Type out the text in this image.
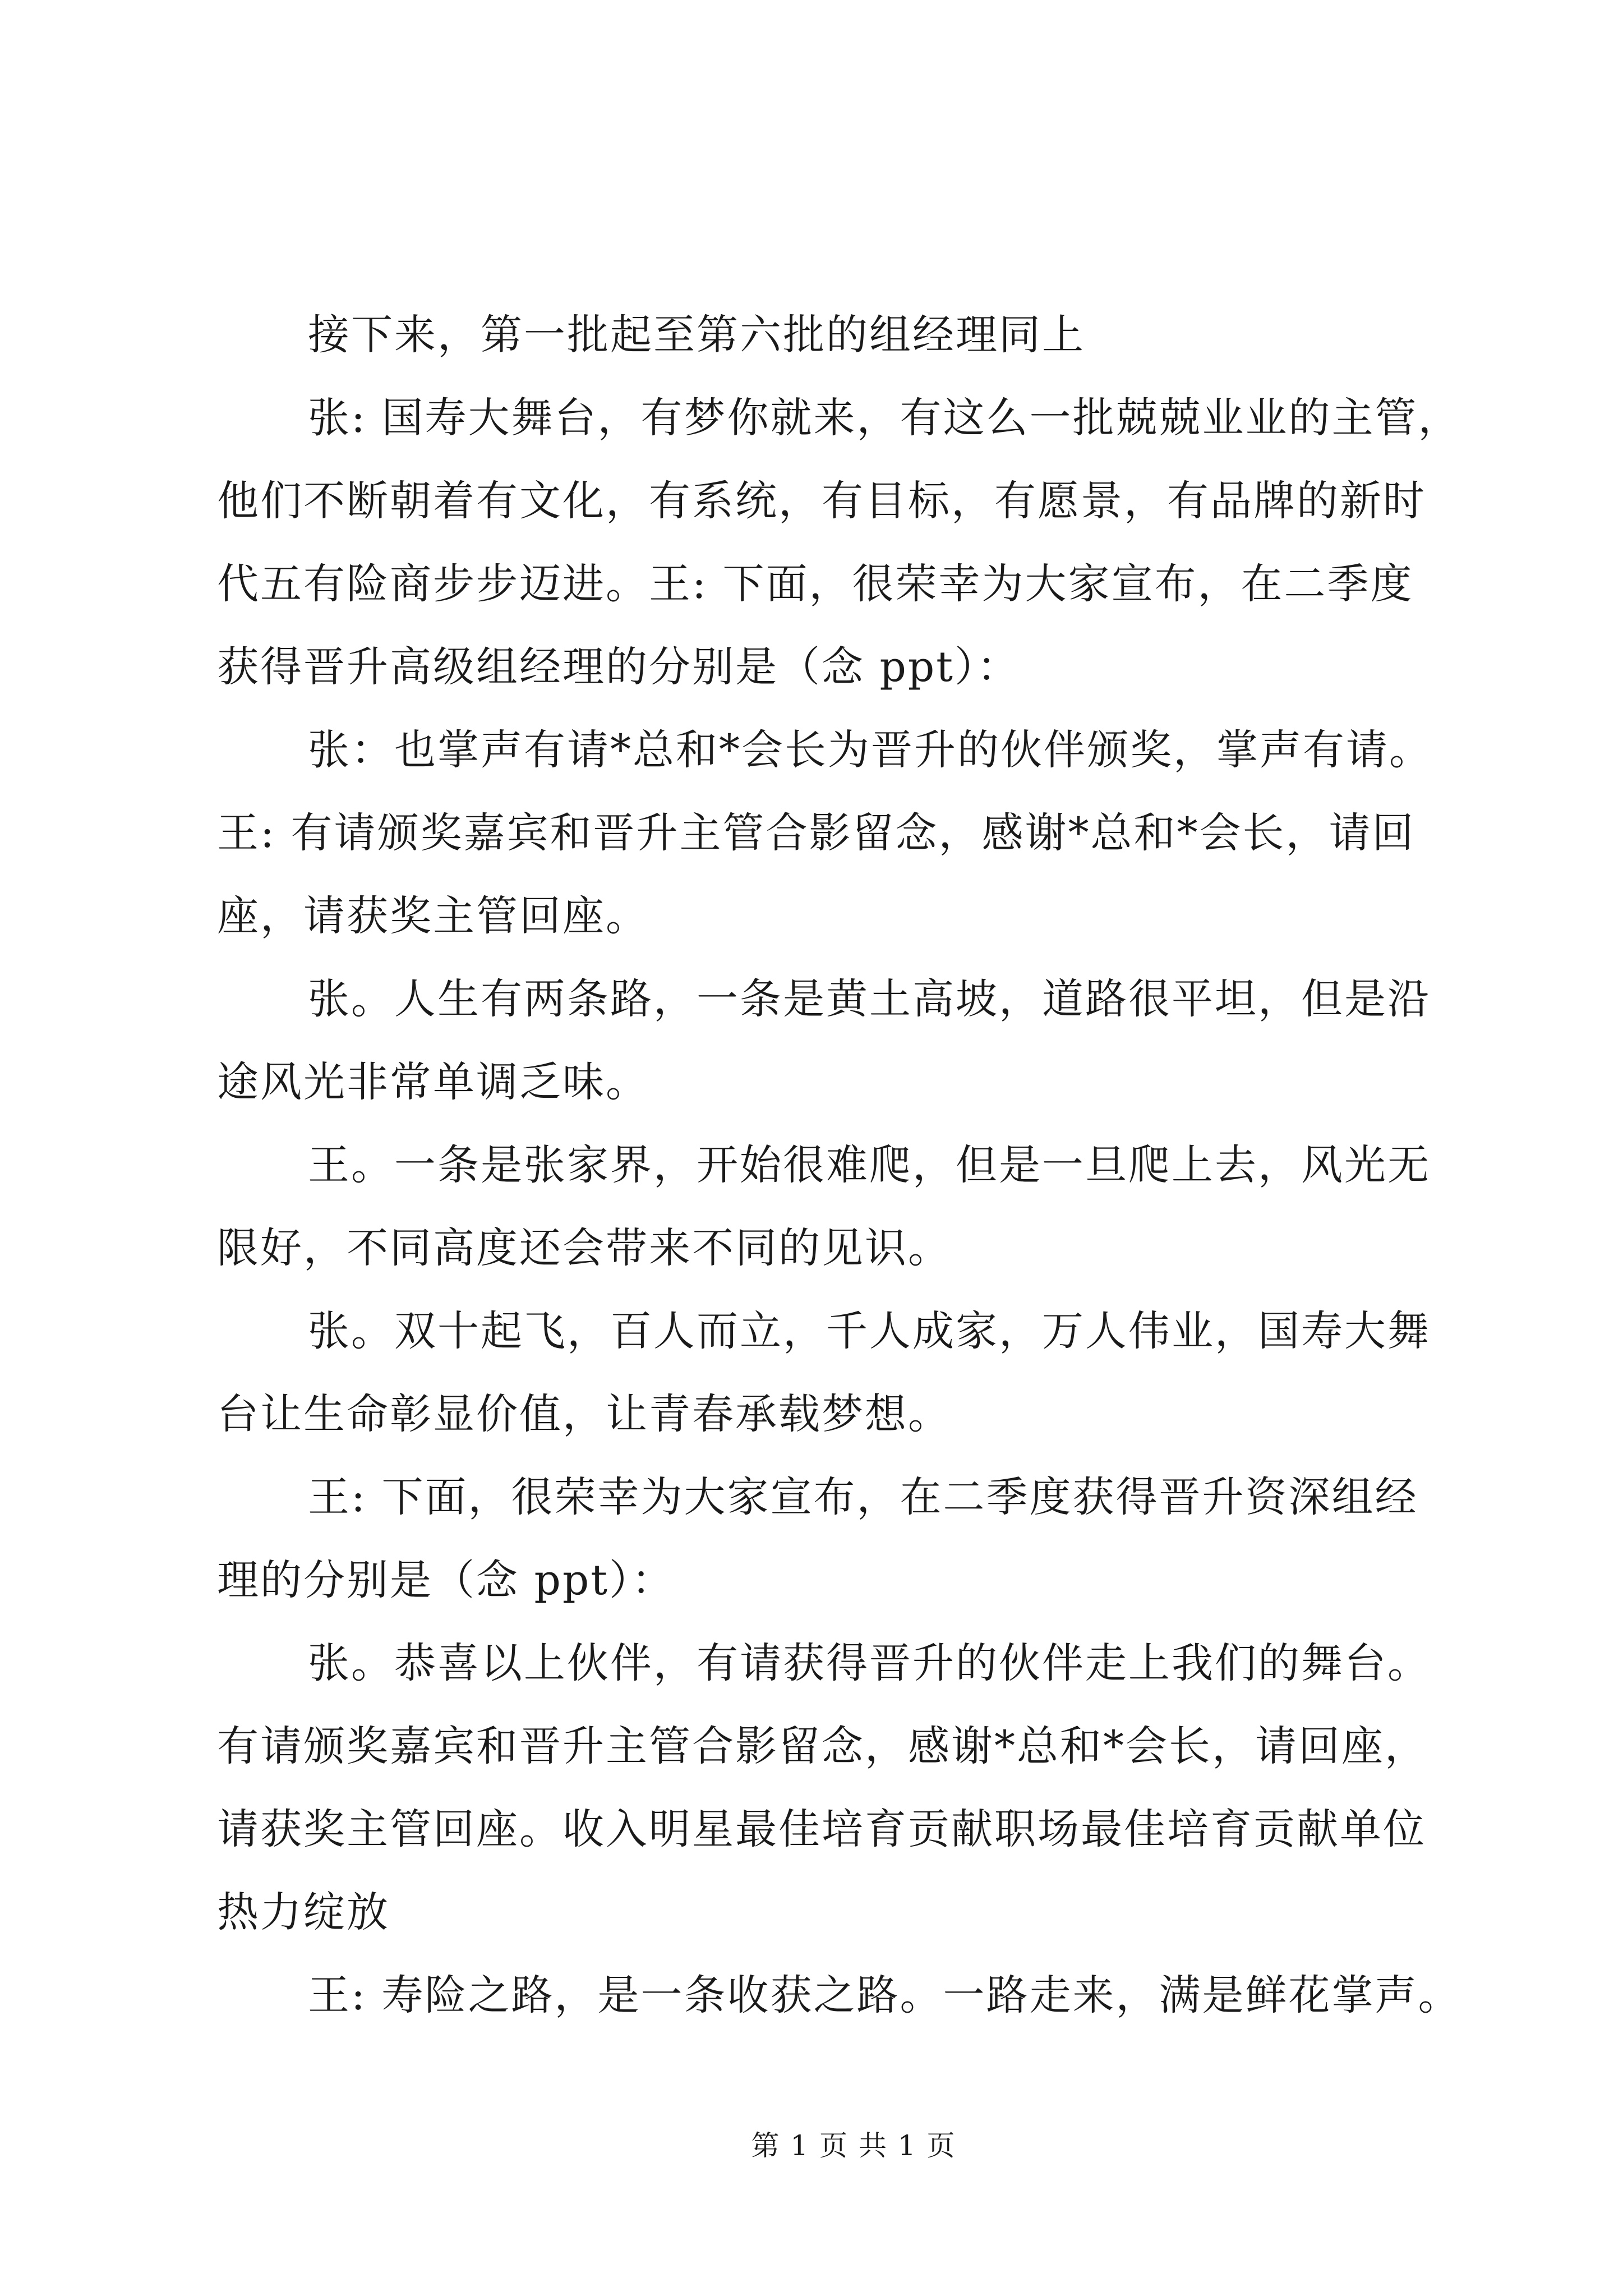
接下来，第一批起至第六批的组经理同上
张: 国寿大舞台，有梦你就来，有这么一批兢兢业业的主管，
他们不断朝着有文化，有系统，有目标，有愿景，有品牌的新时
代五有险商步步迈进。王: 下面，很荣幸为大家宣布，在二季度
获得晋升高级组经理的分别是（念 ppt）：
张：也掌声有请*总和*会长为晋升的伙伴颁奖，掌声有请。
王: 有请颁奖嘉宾和晋升主管合影留念，感谢*总和*会长，请回
座，请获奖主管回座。
张。人生有两条路，一条是黄土高坡，道路很平坦，但是沿
途风光非常单调乏味。
王。一条是张家界，开始很难爬，但是一旦爬上去，风光无
限好，不同高度还会带来不同的见识。
张。双十起飞，百人而立，千人成家，万人伟业，国寿大舞
台让生命彰显价值，让青春承载梦想。
王: 下面，很荣幸为大家宣布，在二季度获得晋升资深组经
理的分别是（念 ppt）：
张。恭喜以上伙伴，有请获得晋升的伙伴走上我们的舞台。
有请颁奖嘉宾和晋升主管合影留念，感谢*总和*会长，请回座，
请获奖主管回座。收入明星最佳培育贡献职场最佳培育贡献单位
热力绽放
王: 寿险之路，是一条收获之路。一路走来，满是鲜花掌声。
第 1 页 共 1 页
